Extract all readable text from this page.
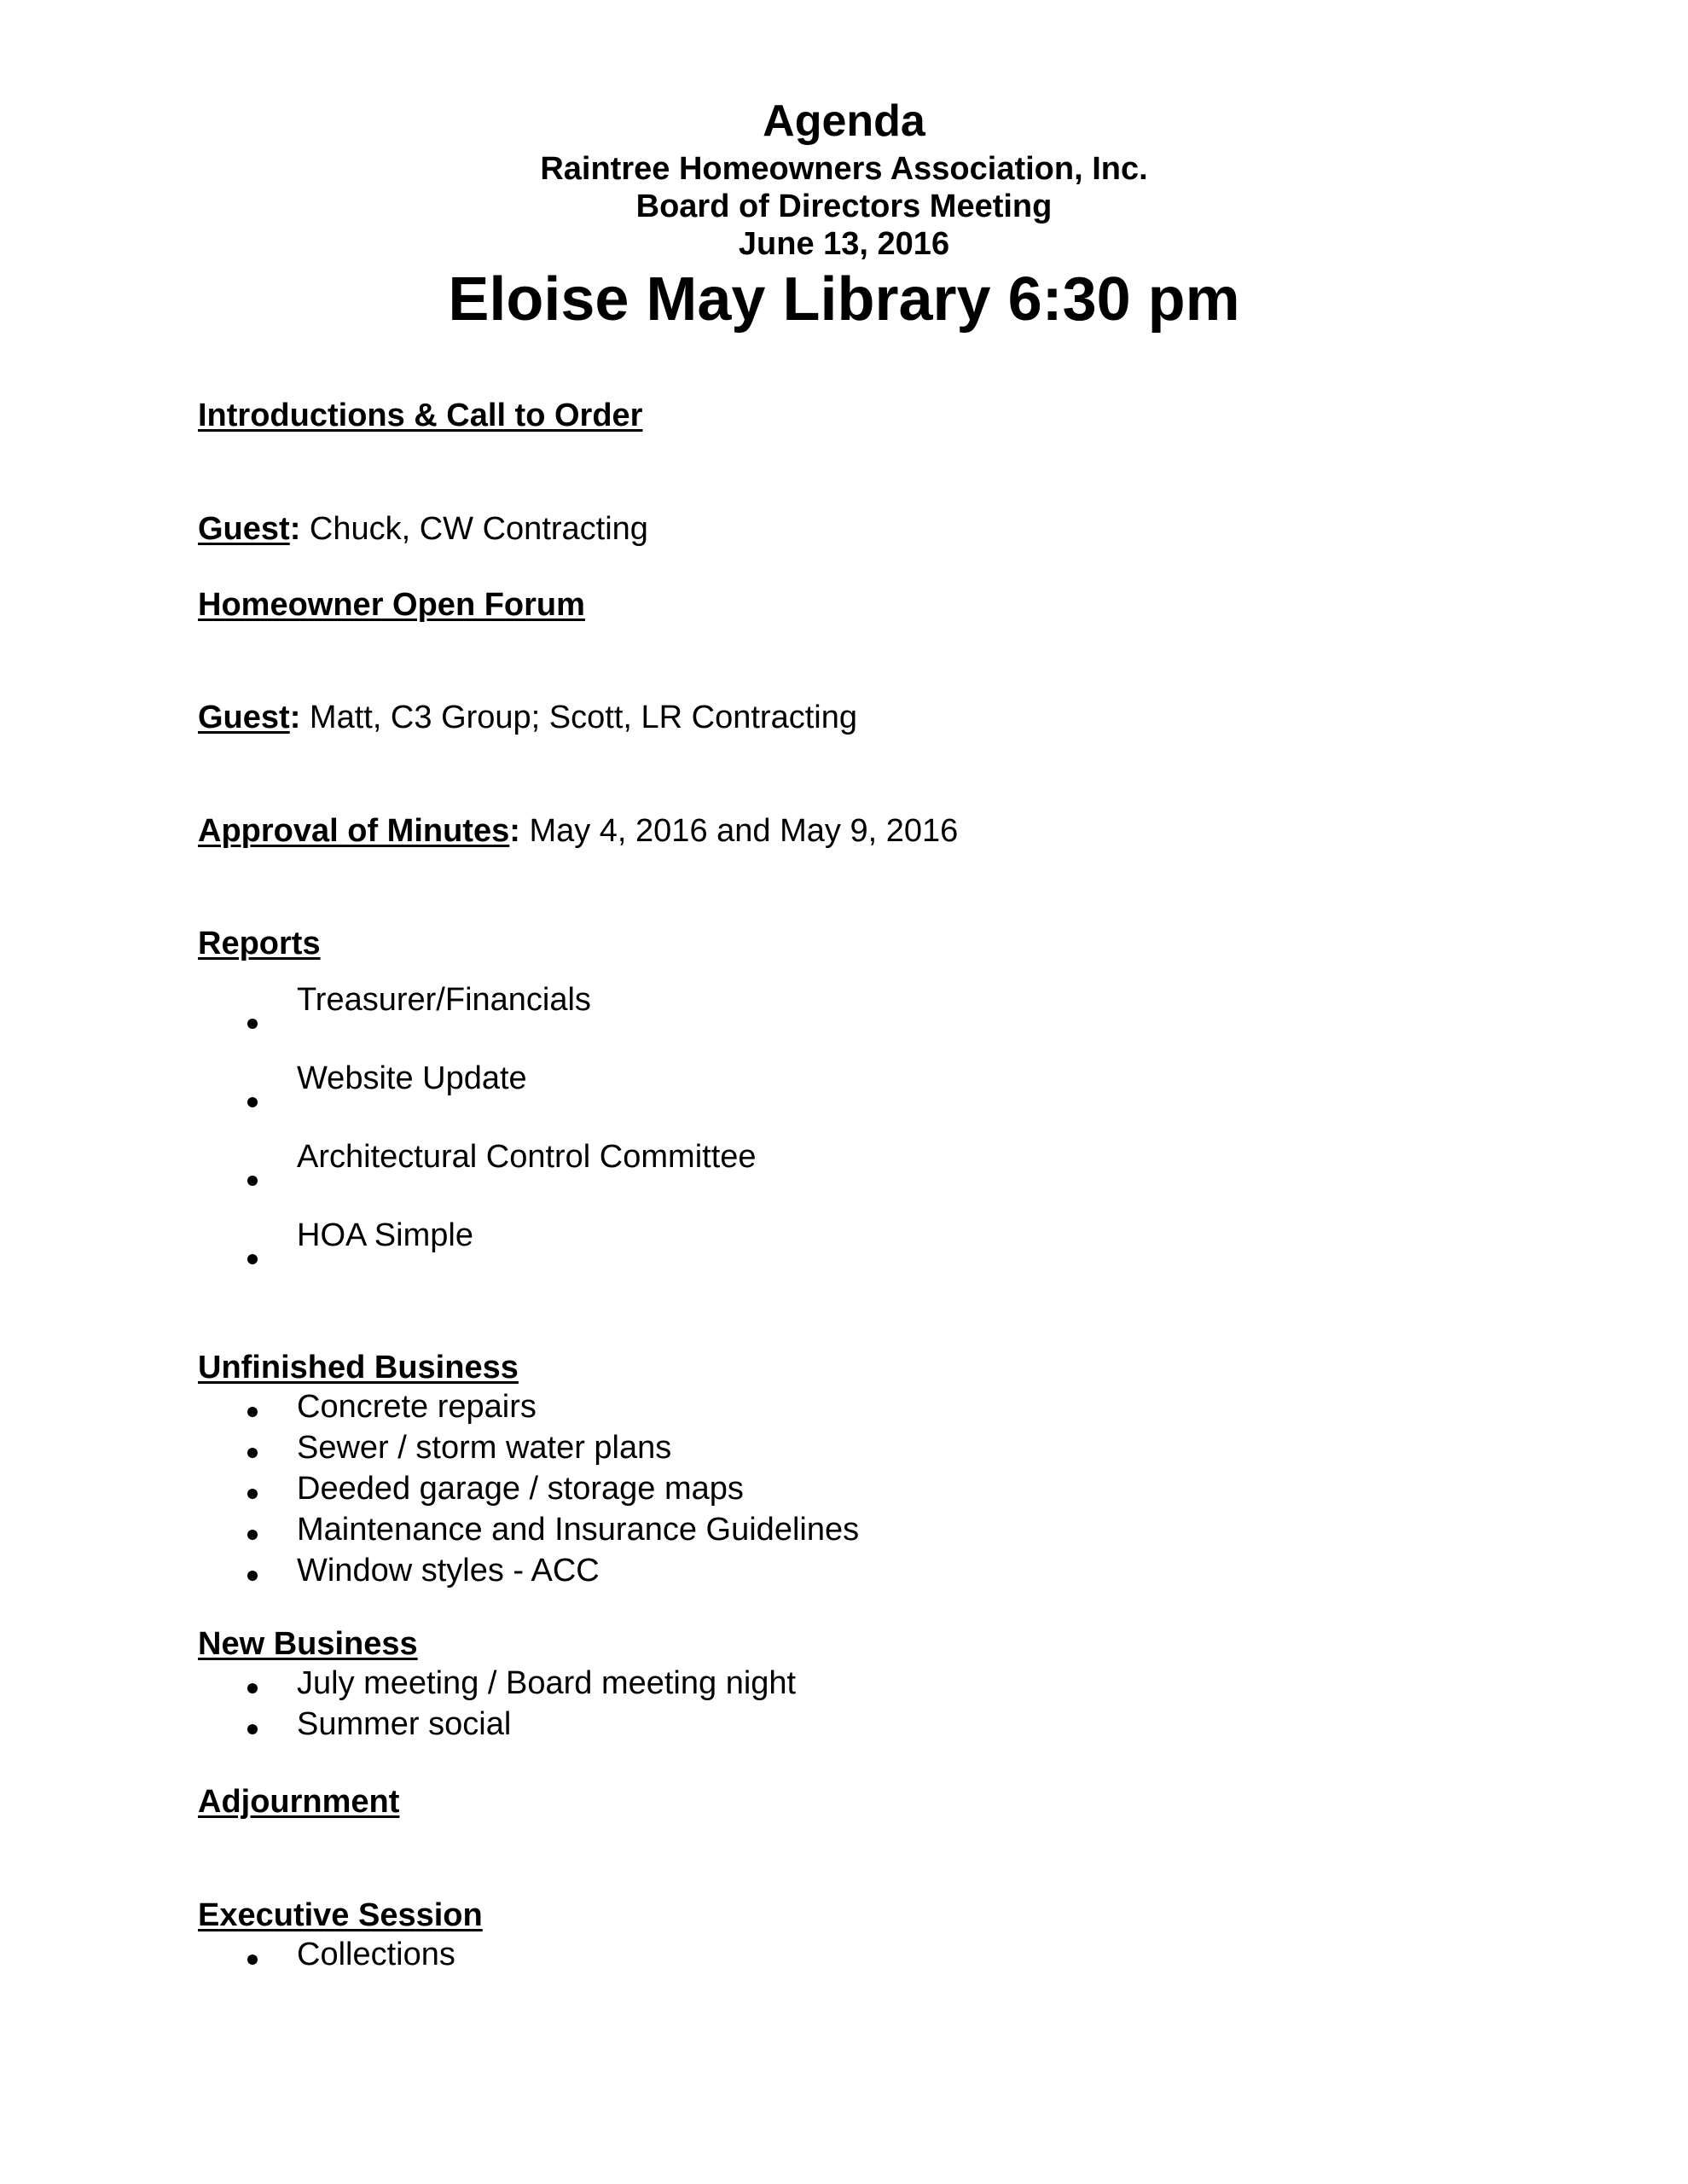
Agenda
Raintree Homeowners Association, Inc.
Board of Directors Meeting
June 13, 2016
Eloise May Library 6:30 pm
Introductions & Call to Order
Guest: Chuck, CW Contracting
Homeowner Open Forum
Guest: Matt, C3 Group; Scott, LR Contracting
Approval of Minutes: May 4, 2016 and May 9, 2016
Reports
Treasurer/Financials
Website Update
Architectural Control Committee
HOA Simple
Unfinished Business
Concrete repairs
Sewer / storm water plans
Deeded garage / storage maps
Maintenance and Insurance Guidelines
Window styles - ACC
New Business
July meeting / Board meeting night
Summer social
Adjournment
Executive Session
Collections
